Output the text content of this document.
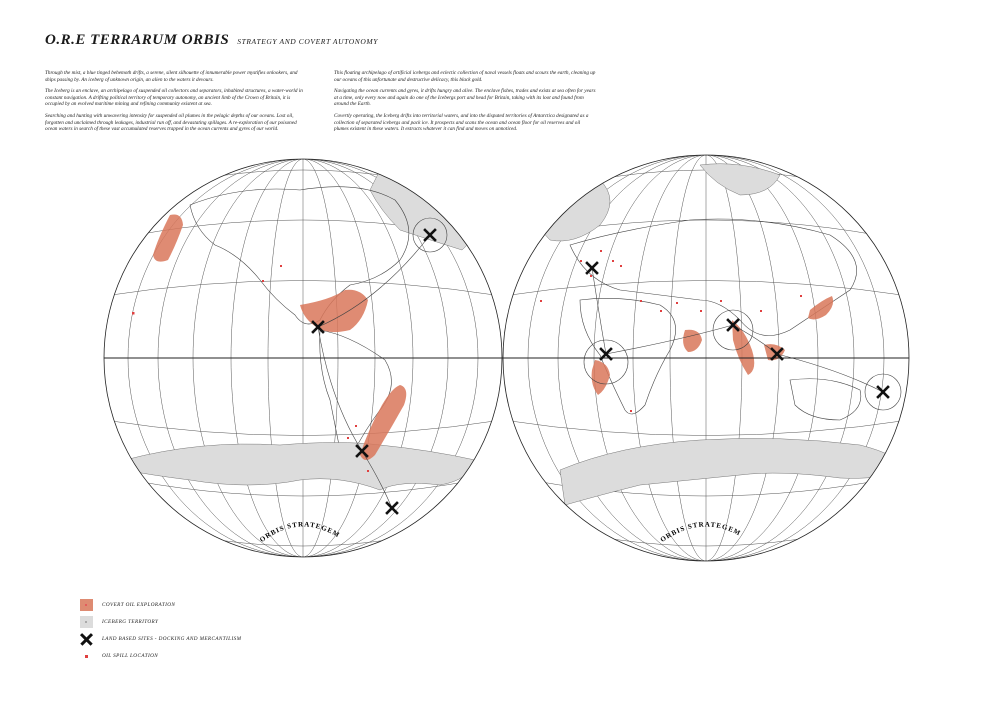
O.R.E TERRARUM ORBIS STRATEGY AND COVERT AUTONOMY

Through the mist, a blue tinged behemoth drifts, a serene, silent silhouette of innumerable power mystifies onlookers, and ships passing by. An iceberg of unknown origin, an alien to the waters it devours.

The Iceberg is an enclave, an archipelago of suspended oil collectors and separators, inhabited structures, a water-world in constant navigation. A drifting political territory of temporary autonomy, an ancient limb of the Crown of Britain, it is occupied by an evolved maritime mining and refining community existent at sea.

Searching and hunting with unwavering intensity for suspended oil plumes in the pelagic depths of our oceans. Lost oil, forgotten and unclaimed through leakages, industrial run off, and devastating spillages. A re-exploration of our poisoned ocean waters in search of these vast accumulated reserves trapped in the ocean currents and gyres of our world.

This floating archipelago of artificial icebergs and eclectic collection of naval vessels floats and scours the earth, cleaning up our oceans of this unfortunate and destructive delicacy, this black gold.

Navigating the ocean currents and gyres, it drifts hungry and alive. The enclave fishes, trades and exists at sea often for years at a time, only every now and again do one of the Icebergs port and head for Britain, taking with its loot and found from around the Earth.

Covertly operating, the Iceberg drifts into territorial waters, and into the disputed territories of Antarctica designated as a collection of separated icebergs and pack ice. It prospects and scans the ocean and ocean floor for oil reserves and oil plumes existent in these waters. It extracts whatever it can find and moves on unnoticed.

ORBIS STRATEGEM	ORBIS STRATEGEM
COVERT OIL EXPLORATION
ICEBERG TERRITORY
LAND BASED SITES - DOCKING AND MERCANTILISM
OIL SPILL LOCATION
